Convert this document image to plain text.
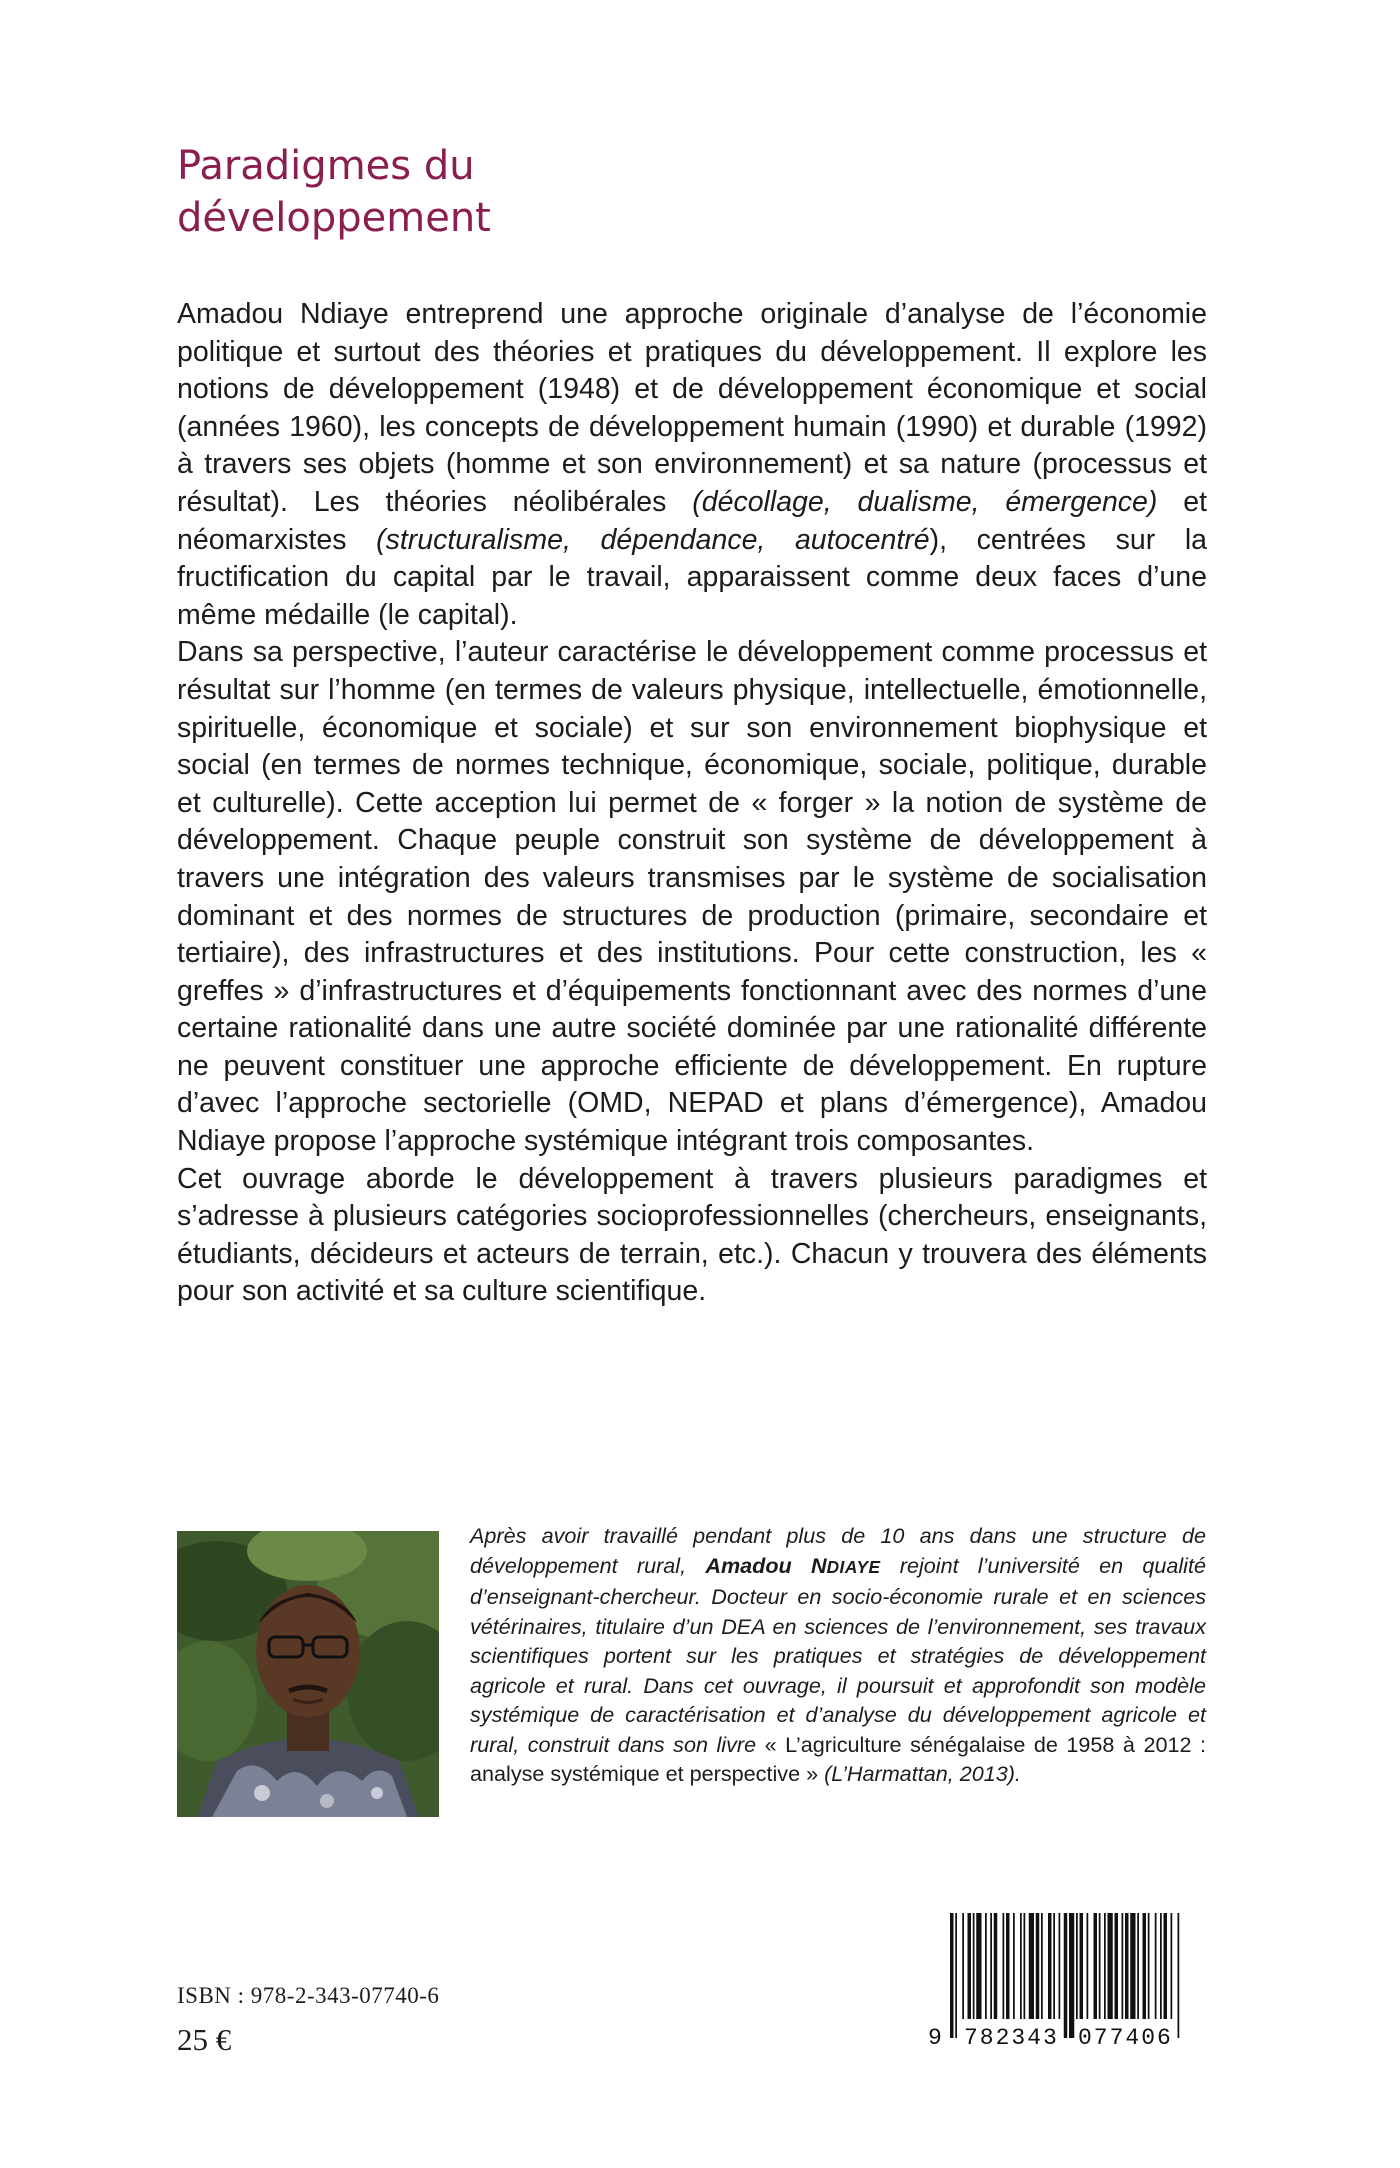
Paradigmes du
développement

Amadou Ndiaye entreprend une approche originale d’analyse de l’économie politique et surtout des théories et pratiques du développement. Il explore les notions de développement (1948) et de développement économique et social (années 1960), les concepts de développement humain (1990) et durable (1992) à travers ses objets (homme et son environnement) et sa nature (processus et résultat). Les théories néolibérales (décollage, dualisme, émergence) et néomarxistes (structuralisme, dépendance, autocentré), centrées sur la fructification du capital par le travail, apparaissent comme deux faces d’une même médaille (le capital).

Dans sa perspective, l’auteur caractérise le développement comme processus et résultat sur l’homme (en termes de valeurs physique, intellectuelle, émotionnelle, spirituelle, économique et sociale) et sur son environnement biophysique et social (en termes de normes technique, économique, sociale, politique, durable et culturelle). Cette acception lui permet de « forger » la notion de système de développement. Chaque peuple construit son système de développement à travers une intégration des valeurs transmises par le système de socialisation dominant et des normes de structures de production (primaire, secondaire et tertiaire), des infrastructures et des institutions. Pour cette construction, les « greffes » d’infrastructures et d’équipements fonctionnant avec des normes d’une certaine rationalité dans une autre société dominée par une rationalité différente ne peuvent constituer une approche efficiente de développement. En rupture d’avec l’approche sectorielle (OMD, NEPAD et plans d’émergence), Amadou Ndiaye propose l’approche systémique intégrant trois composantes.

Cet ouvrage aborde le développement à travers plusieurs paradigmes et s’adresse à plusieurs catégories socioprofessionnelles (chercheurs, enseignants, étudiants, décideurs et acteurs de terrain, etc.). Chacun y trouvera des éléments pour son activité et sa culture scientifique.

Après avoir travaillé pendant plus de 10 ans dans une structure de développement rural, Amadou NDIAYE rejoint l’université en qualité d’enseignant-chercheur. Docteur en socio-économie rurale et en sciences vétérinaires, titulaire d’un DEA en sciences de l’environnement, ses travaux scientifiques portent sur les pratiques et stratégies de développement agricole et rural. Dans cet ouvrage, il poursuit et approfondit son modèle systémique de caractérisation et d’analyse du développement agricole et rural, construit dans son livre « L’agriculture sénégalaise de 1958 à 2012 : analyse systémique et perspective » (L’Harmattan, 2013).

ISBN : 978-2-343-07740-6
25 €	9 782343 077406
